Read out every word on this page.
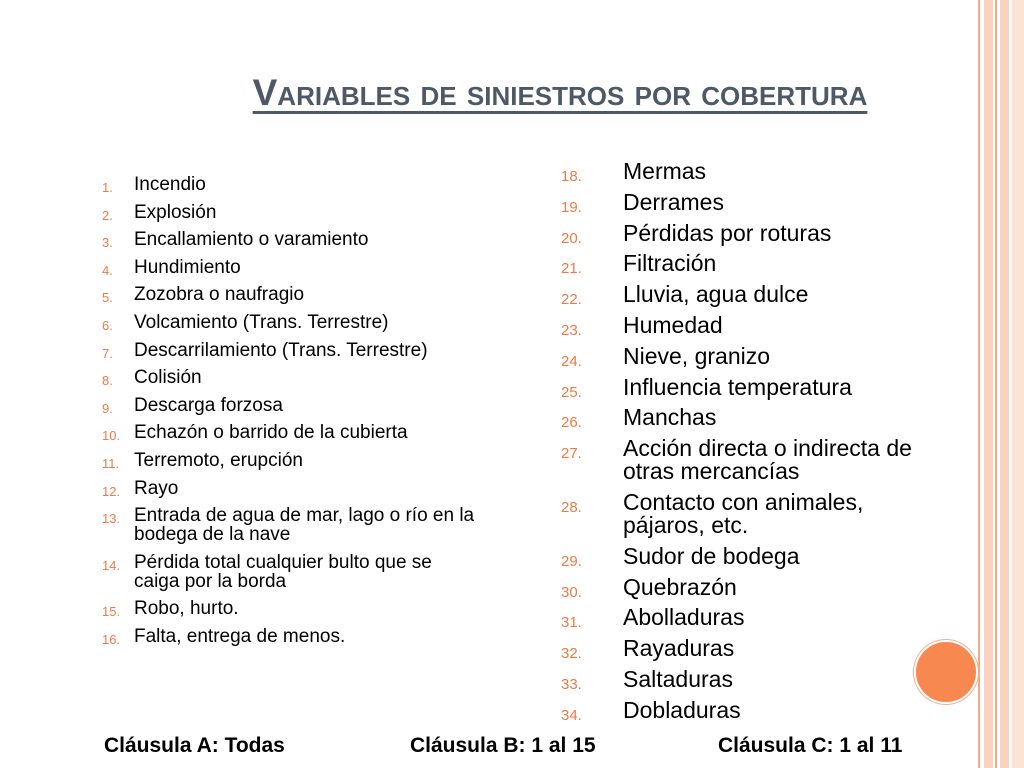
Variables de siniestros por cobertura
1. Incendio
2. Explosión
3. Encallamiento o varamiento
4. Hundimiento
5. Zozobra o naufragio
6. Volcamiento (Trans. Terrestre)
7. Descarrilamiento (Trans. Terrestre)
8. Colisión
9. Descarga forzosa
10. Echazón o barrido de la cubierta
11. Terremoto, erupción
12. Rayo
13. Entrada de agua de mar, lago o río en la bodega de la nave
14. Pérdida total cualquier bulto que se caiga por la borda
15. Robo, hurto.
16. Falta, entrega de menos.
18. Mermas
19. Derrames
20. Pérdidas por roturas
21. Filtración
22. Lluvia, agua dulce
23. Humedad
24. Nieve, granizo
25. Influencia temperatura
26. Manchas
27. Acción directa o indirecta de otras mercancías
28. Contacto con animales, pájaros, etc.
29. Sudor de bodega
30. Quebrazón
31. Abolladuras
32. Rayaduras
33. Saltaduras
34. Dobladuras
Cláusula A: Todas	Cláusula B: 1 al 15	Cláusula C: 1 al 11
